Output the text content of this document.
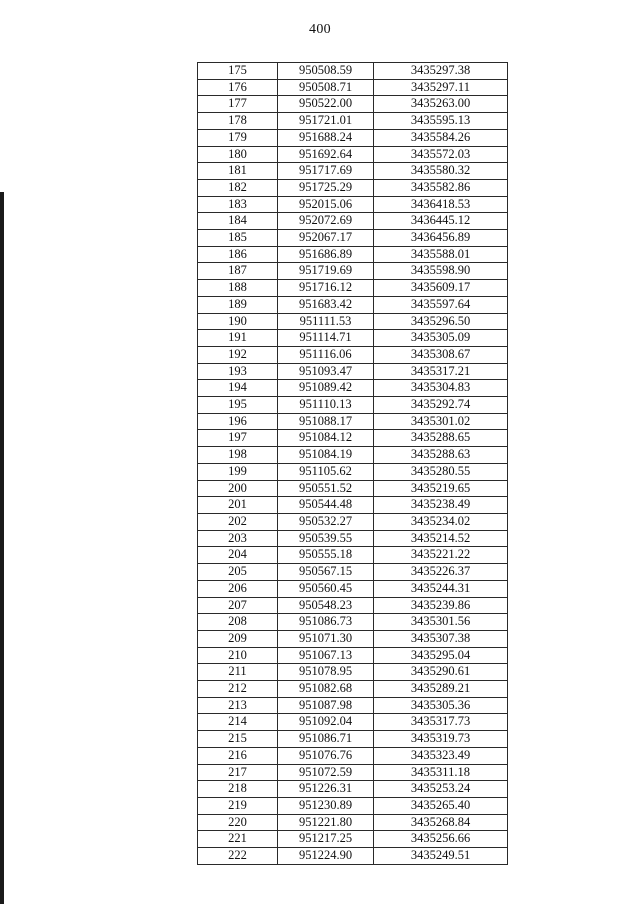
400
175	950508.59	3435297.38
176	950508.71	3435297.11
177	950522.00	3435263.00
178	951721.01	3435595.13
179	951688.24	3435584.26
180	951692.64	3435572.03
181	951717.69	3435580.32
182	951725.29	3435582.86
183	952015.06	3436418.53
184	952072.69	3436445.12
185	952067.17	3436456.89
186	951686.89	3435588.01
187	951719.69	3435598.90
188	951716.12	3435609.17
189	951683.42	3435597.64
190	951111.53	3435296.50
191	951114.71	3435305.09
192	951116.06	3435308.67
193	951093.47	3435317.21
194	951089.42	3435304.83
195	951110.13	3435292.74
196	951088.17	3435301.02
197	951084.12	3435288.65
198	951084.19	3435288.63
199	951105.62	3435280.55
200	950551.52	3435219.65
201	950544.48	3435238.49
202	950532.27	3435234.02
203	950539.55	3435214.52
204	950555.18	3435221.22
205	950567.15	3435226.37
206	950560.45	3435244.31
207	950548.23	3435239.86
208	951086.73	3435301.56
209	951071.30	3435307.38
210	951067.13	3435295.04
211	951078.95	3435290.61
212	951082.68	3435289.21
213	951087.98	3435305.36
214	951092.04	3435317.73
215	951086.71	3435319.73
216	951076.76	3435323.49
217	951072.59	3435311.18
218	951226.31	3435253.24
219	951230.89	3435265.40
220	951221.80	3435268.84
221	951217.25	3435256.66
222	951224.90	3435249.51
